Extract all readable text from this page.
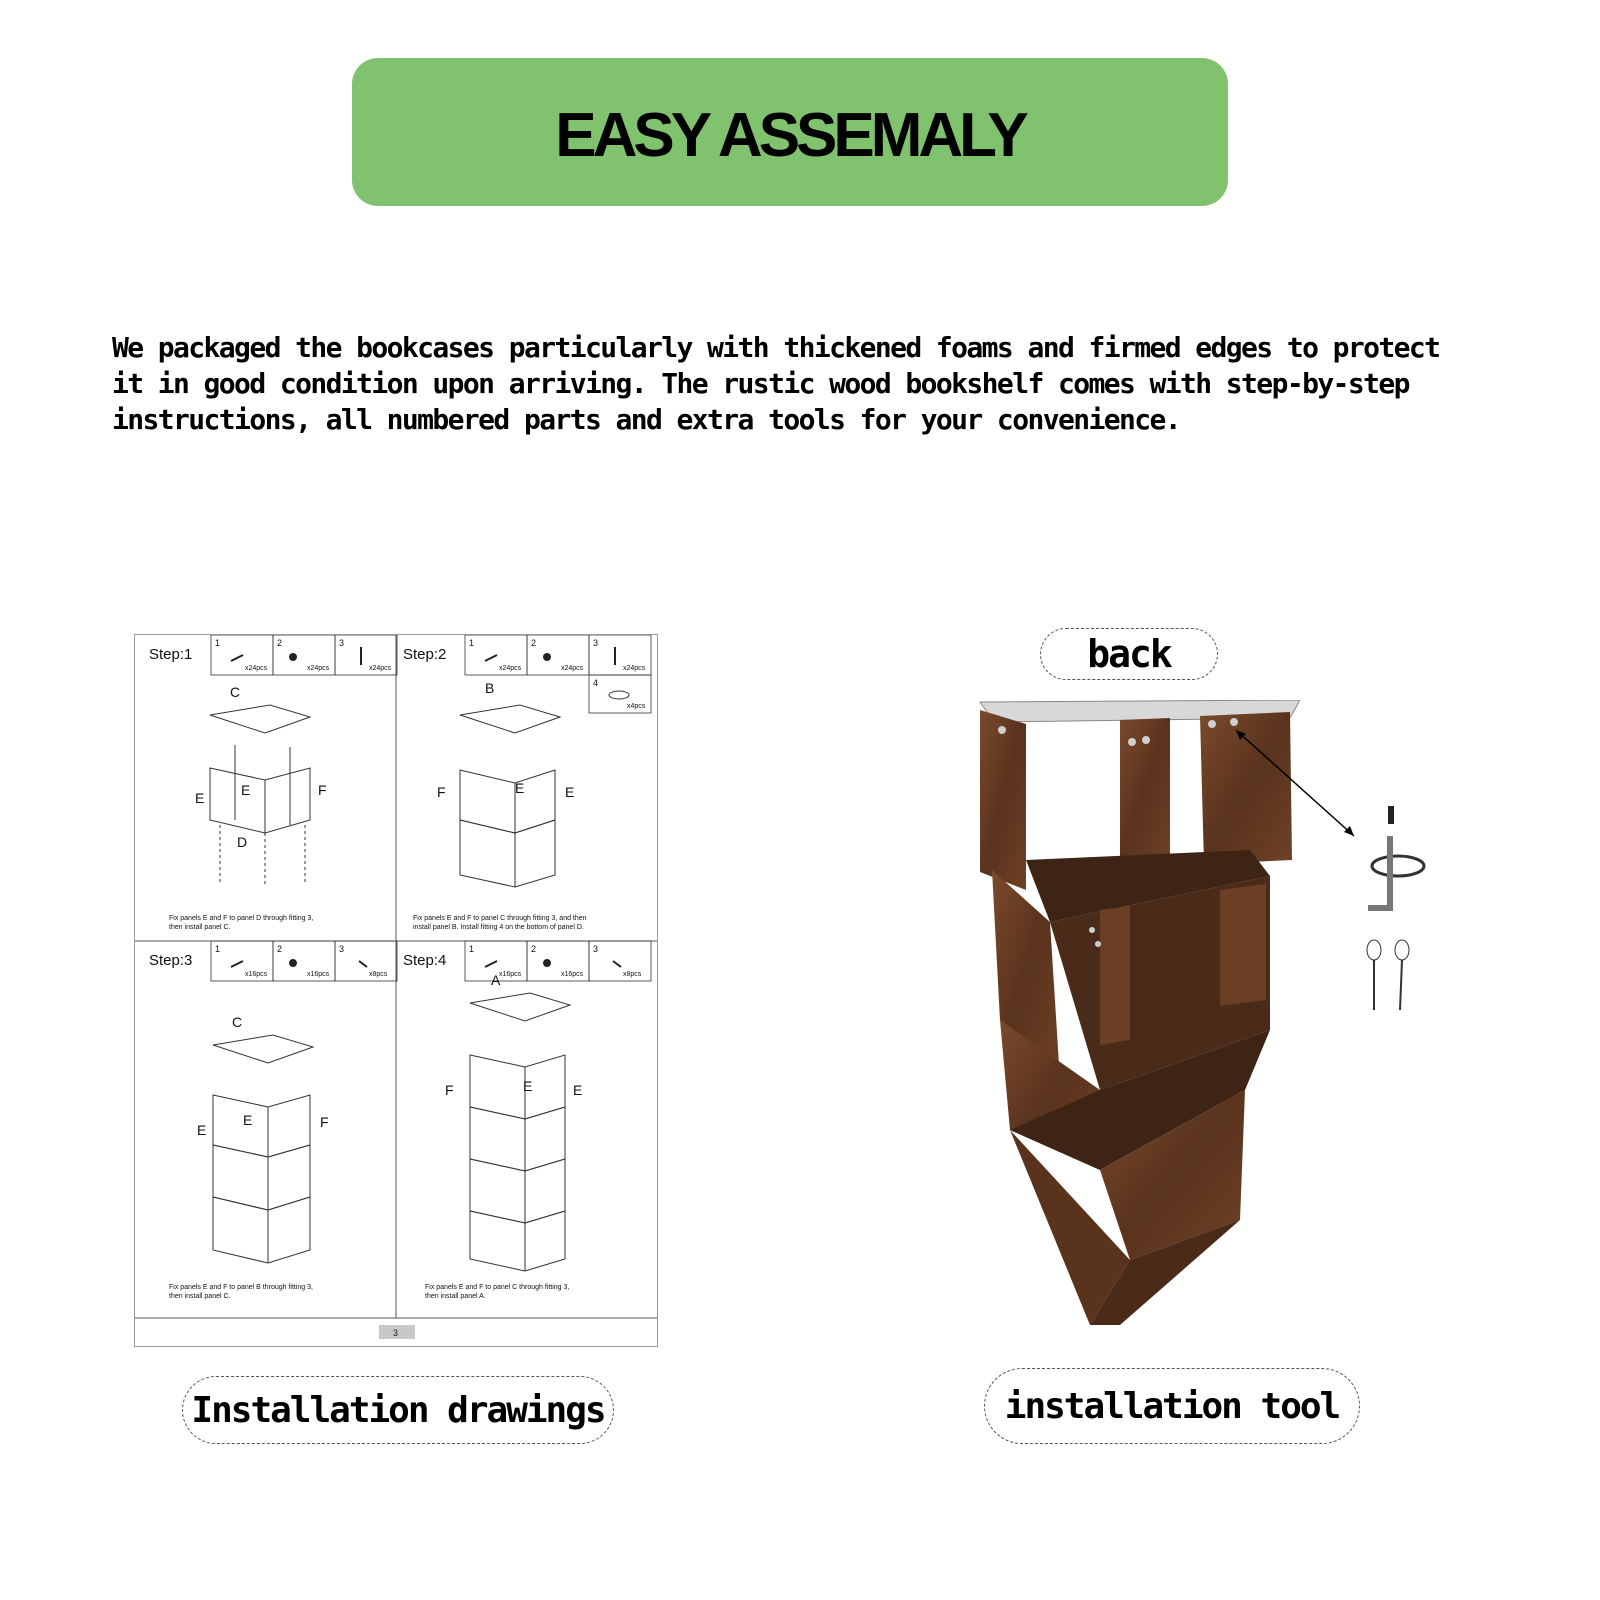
EASY ASSEMALY
We packaged the bookcases particularly with thickened foams and firmed edges to protect
it in good condition upon arriving. The rustic wood bookshelf comes with step-by-step
instructions, all numbered parts and extra tools for your convenience.
Step:1
1
x24pcs
2
x24pcs
3
x24pcs
C
E	F
D
E
Fix panels E and F to panel D through fitting 3,
then install panel C.
Step:2
1
x24pcs
2
x24pcs
3
x24pcs
4
x4pcs
B
F	E
E
Fix panels E and F to panel C through fitting 3, and then
install panel B. Install fitting 4 on the bottom of panel D.
Step:3
1
x16pcs
2
x16pcs
3
x8pcs
C
E	F
E
Fix panels E and F to panel B through fitting 3,
then install panel C.
Step:4
1
x16pcs
2
x16pcs
3
x8pcs
A
F	E
E
Fix panels E and F to panel C through fitting 3,
then install panel A.
3
back
Installation drawings	installation tool
